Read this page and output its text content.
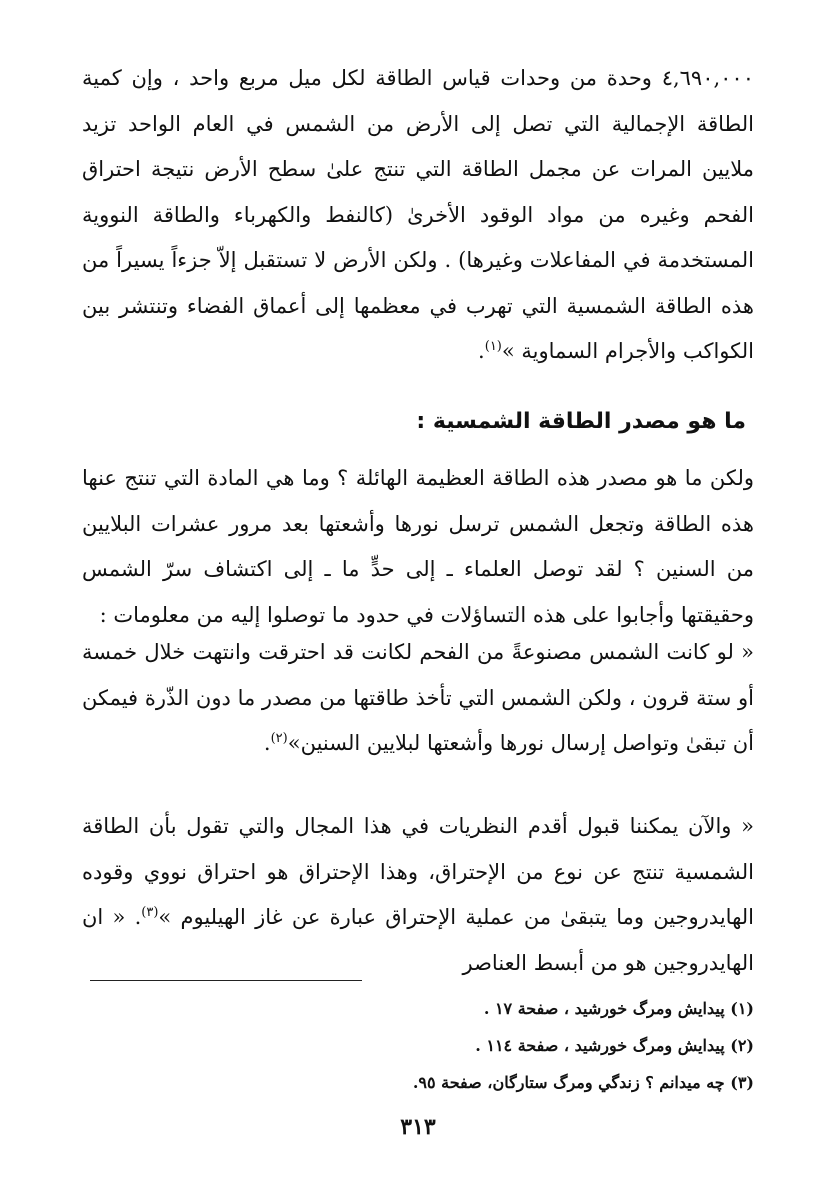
٤,٦٩٠,٠٠٠ وحدة من وحدات قياس الطاقة لكل ميل مربع واحد ، وإن كمية الطاقة الإجمالية التي تصل إلى الأرض من الشمس في العام الواحد تزيد ملايين المرات عن مجمل الطاقة التي تنتج علىٰ سطح الأرض نتيجة احتراق الفحم وغيره من مواد الوقود الأخرىٰ (كالنفط والكهرباء والطاقة النووية المستخدمة في المفاعلات وغيرها) . ولكن الأرض لا تستقبل إلاّ جزءاً يسيراً من هذه الطاقة الشمسية التي تهرب في معظمها إلى أعماق الفضاء وتنتشر بين الكواكب والأجرام السماوية »$^{(١)}$.

ما هو مصدر الطاقة الشمسية :

ولكن ما هو مصدر هذه الطاقة العظيمة الهائلة ؟ وما هي المادة التي تنتج عنها هذه الطاقة وتجعل الشمس ترسل نورها وأشعتها بعد مرور عشرات البلايين من السنين ؟ لقد توصل العلماء ـ إلى حدٍّ ما ـ إلى اكتشاف سرّ الشمس وحقيقتها وأجابوا على هذه التساؤلات في حدود ما توصلوا إليه من معلومات :

« لو كانت الشمس مصنوعةً من الفحم لكانت قد احترقت وانتهت خلال خمسة أو ستة قرون ، ولكن الشمس التي تأخذ طاقتها من مصدر ما دون الذّرة فيمكن أن تبقىٰ وتواصل إرسال نورها وأشعتها لبلايين السنين»$^{(٢)}$.

« والآن يمكننا قبول أقدم النظريات في هذا المجال والتي تقول بأن الطاقة الشمسية تنتج عن نوع من الإحتراق، وهذا الإحتراق هو احتراق نووي وقوده الهايدروجين وما يتبقىٰ من عملية الإحتراق عبارة عن غاز الهيليوم »$^{(٣)}$. « ان الهايدروجين هو من أبسط العناصر

(١) پيدايش ومرگ خورشيد ، صفحة ١٧ .
(٢) پيدايش ومرگ خورشيد ، صفحة ١١٤ .
(٣) چه ميدانم ؟ زندگي ومرگ ستارگان، صفحة ٩٥.
٣١٣
